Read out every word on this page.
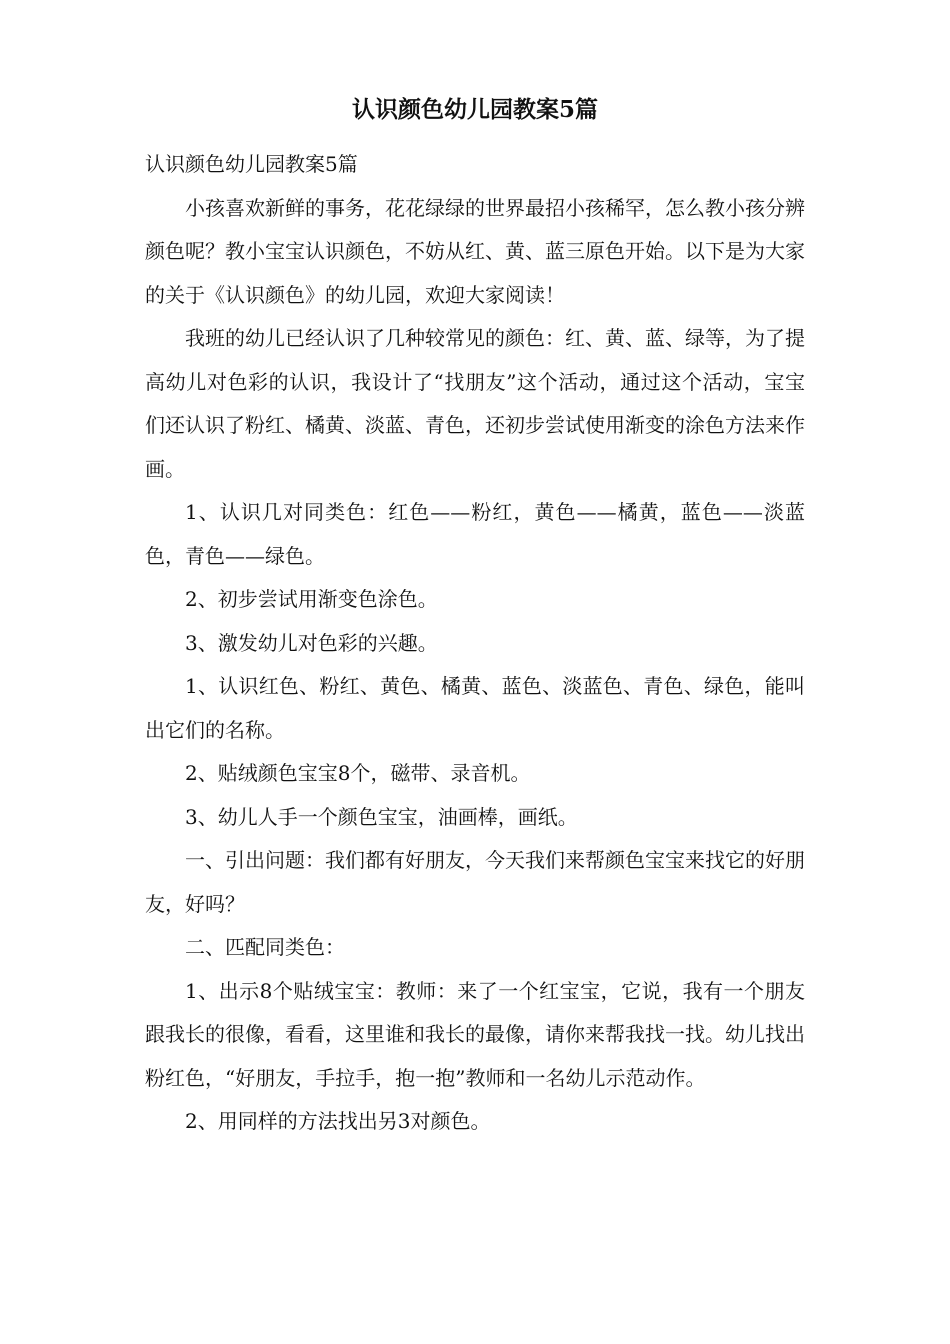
认识颜色幼儿园教案5篇

认识颜色幼儿园教案5篇

小孩喜欢新鲜的事务，花花绿绿的世界最招小孩稀罕，怎么教小孩分辨颜色呢？教小宝宝认识颜色，不妨从红、黄、蓝三原色开始。以下是为大家的关于《认识颜色》的幼儿园，欢迎大家阅读！

我班的幼儿已经认识了几种较常见的颜色：红、黄、蓝、绿等，为了提高幼儿对色彩的认识，我设计了“找朋友”这个活动，通过这个活动，宝宝们还认识了粉红、橘黄、淡蓝、青色，还初步尝试使用渐变的涂色方法来作画。

1、认识几对同类色：红色——粉红，黄色——橘黄，蓝色——淡蓝色，青色——绿色。

2、初步尝试用渐变色涂色。

3、激发幼儿对色彩的兴趣。

1、认识红色、粉红、黄色、橘黄、蓝色、淡蓝色、青色、绿色，能叫出它们的名称。

2、贴绒颜色宝宝8个，磁带、录音机。

3、幼儿人手一个颜色宝宝，油画棒，画纸。

一、引出问题：我们都有好朋友，今天我们来帮颜色宝宝来找它的好朋友，好吗？

二、匹配同类色：

1、出示8个贴绒宝宝：教师：来了一个红宝宝，它说，我有一个朋友跟我长的很像，看看，这里谁和我长的最像，请你来帮我找一找。幼儿找出粉红色，“好朋友，手拉手，抱一抱”教师和一名幼儿示范动作。

2、用同样的方法找出另3对颜色。
